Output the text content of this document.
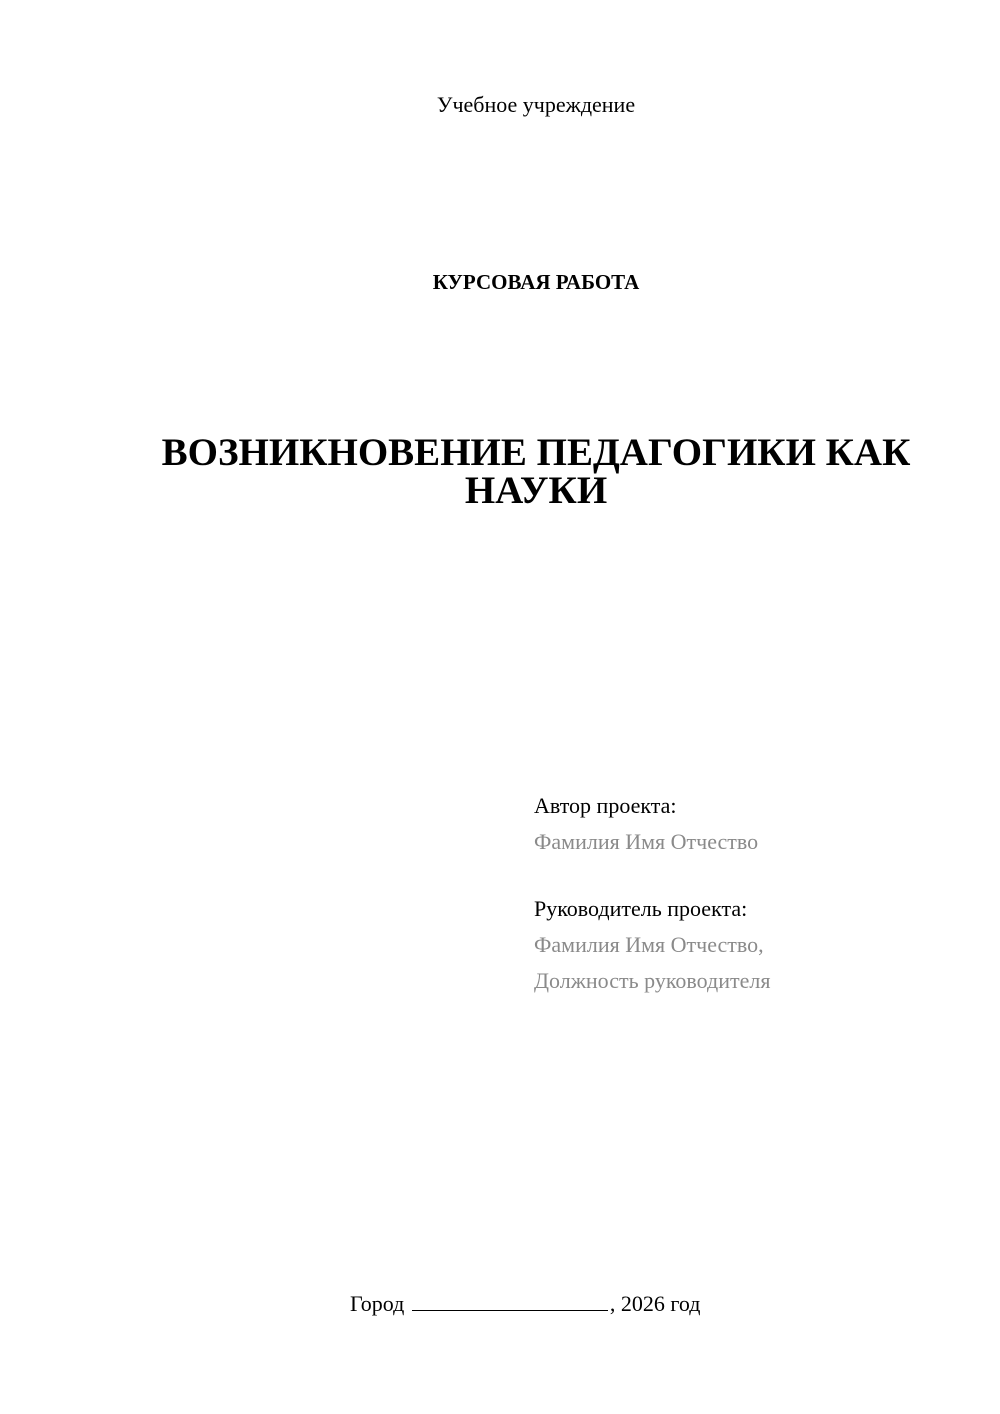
Учебное учреждение
КУРСОВАЯ РАБОТА
ВОЗНИКНОВЕНИЕ ПЕДАГОГИКИ КАК НАУКИ
Автор проекта:
Фамилия Имя Отчество
Руководитель проекта:
Фамилия Имя Отчество,
Должность руководителя
Город	, 2026 год
